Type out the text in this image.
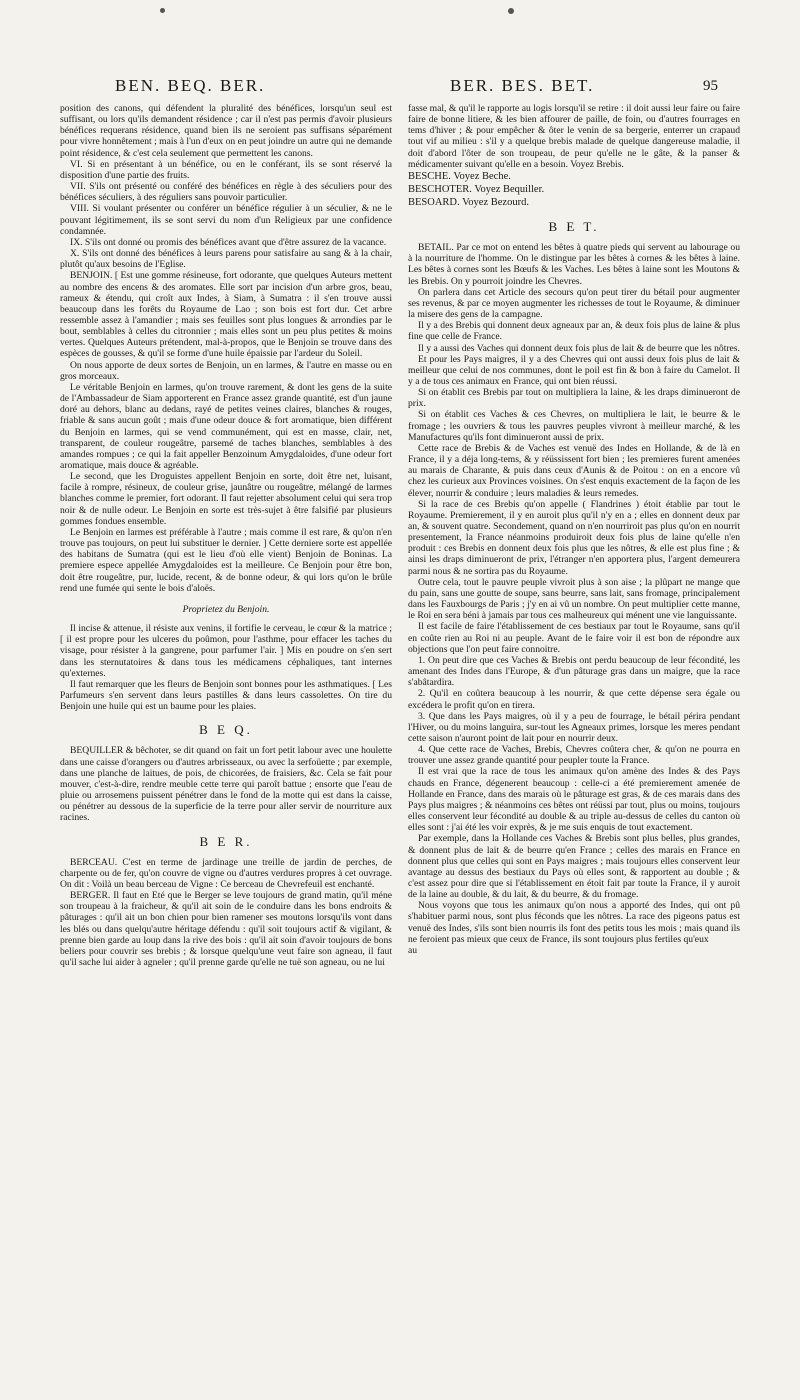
BEN. BEQ. BER.	BER. BES. BET.	95

position des canons, qui défendent la pluralité des bénéfices, lorsqu'un seul est suffisant, ou lors qu'ils demandent résidence ; car il n'est pas permis d'avoir plusieurs bénéfices requerans résidence, quand bien ils ne seroient pas suffisans séparément pour vivre honnêtement ; mais à l'un d'eux on en peut joindre un autre qui ne demande point résidence, & c'est cela seulement que permettent les canons.

VI. Si en présentant à un bénéfice, ou en le conférant, ils se sont réservé la disposition d'une partie des fruits.

VII. S'ils ont présenté ou conféré des bénéfices en règle à des séculiers pour des bénéfices séculiers, à des réguliers sans pouvoir particulier.

VIII. Si voulant présenter ou conférer un bénéfice régulier à un séculier, & ne le pouvant légitimement, ils se sont servi du nom d'un Religieux par une confidence condamnée.

IX. S'ils ont donné ou promis des bénéfices avant que d'être assurez de la vacance.

X. S'ils ont donné des bénéfices à leurs parens pour satisfaire au sang & à la chair, plutôt qu'aux besoins de l'Eglise.

BENJOIN. [ Est une gomme résineuse, fort odorante, que quelques Auteurs mettent au nombre des encens & des aromates. Elle sort par incision d'un arbre gros, beau, rameux & étendu, qui croît aux Indes, à Siam, à Sumatra : il s'en trouve aussi beaucoup dans les forêts du Royaume de Lao ; son bois est fort dur. Cet arbre ressemble assez à l'amandier ; mais ses feuilles sont plus longues & arrondies par le bout, semblables à celles du citronnier ; mais elles sont un peu plus petites & moins vertes. Quelques Auteurs prétendent, mal-à-propos, que le Benjoin se trouve dans des espèces de gousses, & qu'il se forme d'une huile épaissie par l'ardeur du Soleil.

On nous apporte de deux sortes de Benjoin, un en larmes, & l'autre en masse ou en gros morceaux.

Le véritable Benjoin en larmes, qu'on trouve rarement, & dont les gens de la suite de l'Ambassadeur de Siam apporterent en France assez grande quantité, est d'un jaune doré au dehors, blanc au dedans, rayé de petites veines claires, blanches & rouges, friable & sans aucun goût ; mais d'une odeur douce & fort aromatique, bien différent du Benjoin en larmes, qui se vend communément, qui est en masse, clair, net, transparent, de couleur rougeâtre, parsemé de taches blanches, semblables à des amandes rompues ; ce qui la fait appeller Benzoinum Amygdaloides, d'une odeur fort aromatique, mais douce & agréable.

Le second, que les Droguistes appellent Benjoin en sorte, doit être net, luisant, facile à rompre, résineux, de couleur grise, jaunâtre ou rougeâtre, mélangé de larmes blanches comme le premier, fort odorant. Il faut rejetter absolument celui qui sera trop noir & de nulle odeur. Le Benjoin en sorte est très-sujet à être falsifié par plusieurs gommes fondues ensemble.

Le Benjoin en larmes est préférable à l'autre ; mais comme il est rare, & qu'on n'en trouve pas toujours, on peut lui substituer le dernier. ] Cette derniere sorte est appellée des habitans de Sumatra (qui est le lieu d'où elle vient) Benjoin de Boninas. La premiere espece appellée Amygdaloides est la meilleure. Ce Benjoin pour être bon, doit être rougeâtre, pur, lucide, recent, & de bonne odeur, & qui lors qu'on le brûle rend une fumée qui sente le bois d'aloës.

Proprietez du Benjoin.

Il incise & attenue, il résiste aux venins, il fortifie le cerveau, le cœur & la matrice ; [ il est propre pour les ulceres du poûmon, pour l'asthme, pour effacer les taches du visage, pour résister à la gangrene, pour parfumer l'air. ] Mis en poudre on s'en sert dans les sternutatoires & dans tous les médicamens céphaliques, tant internes qu'externes.

Il faut remarquer que les fleurs de Benjoin sont bonnes pour les asthmatiques. [ Les Parfumeurs s'en servent dans leurs pastilles & dans leurs cassolettes. On tire du Benjoin une huile qui est un baume pour les plaies.

B E Q.

BEQUILLER & bêchoter, se dit quand on fait un fort petit labour avec une houlette dans une caisse d'orangers ou d'autres arbrisseaux, ou avec la serfoüette ; par exemple, dans une planche de laitues, de pois, de chicorées, de fraisiers, &c. Cela se fait pour mouver, c'est-à-dire, rendre meuble cette terre qui paroît battue ; ensorte que l'eau de pluie ou arrosemens puissent pénétrer dans le fond de la motte qui est dans la caisse, ou pénétrer au dessous de la superficie de la terre pour aller servir de nourriture aux racines.

B E R.

BERCEAU. C'est en terme de jardinage une treille de jardin de perches, de charpente ou de fer, qu'on couvre de vigne ou d'autres verdures propres à cet ouvrage. On dit : Voilà un beau berceau de Vigne : Ce berceau de Chevrefeuil est enchanté.

BERGER. Il faut en Eté que le Berger se leve toujours de grand matin, qu'il méne son troupeau à la fraicheur, & qu'il ait soin de le conduire dans les bons endroits & pâturages : qu'il ait un bon chien pour bien ramener ses moutons lorsqu'ils vont dans les blés ou dans quelqu'autre héritage défendu : qu'il soit toujours actif & vigilant, & prenne bien garde au loup dans la rive des bois : qu'il ait soin d'avoir toujours de bons beliers pour couvrir ses brebis ; & lorsque quelqu'une veut faire son agneau, il faut qu'il sache lui aider à agneler ; qu'il prenne garde qu'elle ne tuë son agneau, ou ne lui

fasse mal, & qu'il le rapporte au logis lorsqu'il se retire : il doit aussi leur faire ou faire faire de bonne litiere, & les bien affourer de paille, de foin, ou d'autres fourrages en tems d'hiver ; & pour empêcher & ôter le venin de sa bergerie, enterrer un crapaud tout vif au milieu : s'il y a quelque brebis malade de quelque dangereuse maladie, il doit d'abord l'ôter de son troupeau, de peur qu'elle ne le gâte, & la panser & médicamenter suivant qu'elle en a besoin. Voyez Brebis.

BESCHE. Voyez Beche.

BESCHOTER. Voyez Bequiller.

BESOARD. Voyez Bezourd.

B E T.

BETAIL. Par ce mot on entend les bêtes à quatre pieds qui servent au labourage ou à la nourriture de l'homme. On le distingue par les bêtes à cornes & les bêtes à laine. Les bêtes à cornes sont les Bœufs & les Vaches. Les bêtes à laine sont les Moutons & les Brebis. On y pourroit joindre les Chevres.

On parlera dans cet Article des secours qu'on peut tirer du bétail pour augmenter ses revenus, & par ce moyen augmenter les richesses de tout le Royaume, & diminuer la misere des gens de la campagne.

Il y a des Brebis qui donnent deux agneaux par an, & deux fois plus de laine & plus fine que celle de France.

Il y a aussi des Vaches qui donnent deux fois plus de lait & de beurre que les nôtres.

Et pour les Pays maigres, il y a des Chevres qui ont aussi deux fois plus de lait & meilleur que celui de nos communes, dont le poil est fin & bon à faire du Camelot. Il y a de tous ces animaux en France, qui ont bien réussi.

Si on établit ces Brebis par tout on multipliera la laine, & les draps diminueront de prix.

Si on établit ces Vaches & ces Chevres, on multipliera le lait, le beurre & le fromage ; les ouvriers & tous les pauvres peuples vivront à meilleur marché, & les Manufactures qu'ils font diminueront aussi de prix.

Cette race de Brebis & de Vaches est venuë des Indes en Hollande, & de là en France, il y a déja long-tems, & y réüssissent fort bien ; les premieres furent amenées au marais de Charante, & puis dans ceux d'Aunis & de Poitou : on en a encore vû chez les curieux aux Provinces voisines. On s'est enquis exactement de la façon de les élever, nourrir & conduire ; leurs maladies & leurs remedes.

Si la race de ces Brebis qu'on appelle ( Flandrines ) étoit établie par tout le Royaume. Premierement, il y en auroit plus qu'il n'y en a ; elles en donnent deux par an, & souvent quatre. Secondement, quand on n'en nourriroit pas plus qu'on en nourrit presentement, la France néanmoins produiroit deux fois plus de laine qu'elle n'en produit : ces Brebis en donnent deux fois plus que les nôtres, & elle est plus fine ; & ainsi les draps diminueront de prix, l'étranger n'en apportera plus, l'argent demeurera parmi nous & ne sortira pas du Royaume.

Outre cela, tout le pauvre peuple vivroit plus à son aise ; la plûpart ne mange que du pain, sans une goutte de soupe, sans beurre, sans lait, sans fromage, principalement dans les Fauxbourgs de Paris ; j'y en ai vû un nombre. On peut multiplier cette manne, le Roi en sera béni à jamais par tous ces malheureux qui ménent une vie languissante.

Il est facile de faire l'établissement de ces bestiaux par tout le Royaume, sans qu'il en coûte rien au Roi ni au peuple. Avant de le faire voir il est bon de répondre aux objections que l'on peut faire connoitre.

1. On peut dire que ces Vaches & Brebis ont perdu beaucoup de leur fécondité, les amenant des Indes dans l'Europe, & d'un pâturage gras dans un maigre, que la race s'abâtardira.

2. Qu'il en coûtera beaucoup à les nourrir, & que cette dépense sera égale ou excédera le profit qu'on en tirera.

3. Que dans les Pays maigres, où il y a peu de fourrage, le bétail périra pendant l'Hiver, ou du moins languira, sur-tout les Agneaux primes, lorsque les meres pendant cette saison n'auront point de lait pour en nourrir deux.

4. Que cette race de Vaches, Brebis, Chevres coûtera cher, & qu'on ne pourra en trouver une assez grande quantité pour peupler toute la France.

Il est vrai que la race de tous les animaux qu'on amène des Indes & des Pays chauds en France, dégenerent beaucoup : celle-ci a été premierement amenée de Hollande en France, dans des marais où le pâturage est gras, & de ces marais dans des Pays plus maigres ; & néanmoins ces bêtes ont réüssi par tout, plus ou moins, toujours elles conservent leur fécondité au double & au triple au-dessus de celles du canton où elles sont : j'ai été les voir exprès, & je me suis enquis de tout exactement.

Par exemple, dans la Hollande ces Vaches & Brebis sont plus belles, plus grandes, & donnent plus de lait & de beurre qu'en France ; celles des marais en France en donnent plus que celles qui sont en Pays maigres ; mais toujours elles conservent leur avantage au dessus des bestiaux du Pays où elles sont, & rapportent au double ; & c'est assez pour dire que si l'établissement en étoit fait par toute la France, il y auroit de la laine au double, & du lait, & du beurre, & du fromage.

Nous voyons que tous les animaux qu'on nous a apporté des Indes, qui ont pû s'habituer parmi nous, sont plus féconds que les nôtres. La race des pigeons patus est venuë des Indes, s'ils sont bien nourris ils font des petits tous les mois ; mais quand ils ne feroient pas mieux que ceux de France, ils sont toujours plus fertiles qu'eux

au
